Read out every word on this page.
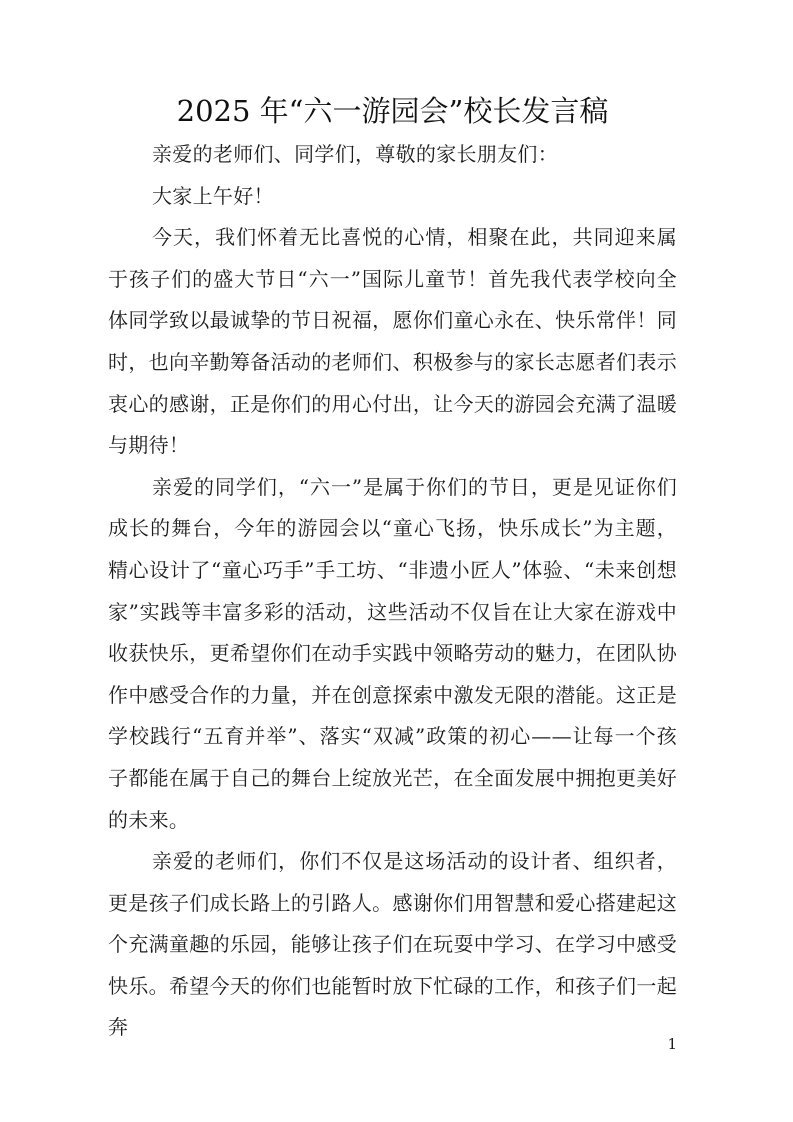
2025 年“六一游园会”校长发言稿

亲爱的老师们、同学们，尊敬的家长朋友们：

大家上午好！

今天，我们怀着无比喜悦的心情，相聚在此，共同迎来属于孩子们的盛大节日“六一”国际儿童节！首先我代表学校向全体同学致以最诚挚的节日祝福，愿你们童心永在、快乐常伴！同时，也向辛勤筹备活动的老师们、积极参与的家长志愿者们表示衷心的感谢，正是你们的用心付出，让今天的游园会充满了温暖与期待！

亲爱的同学们，“六一”是属于你们的节日，更是见证你们成长的舞台，今年的游园会以“童心飞扬，快乐成长”为主题，精心设计了“童心巧手”手工坊、“非遗小匠人”体验、“未来创想家”实践等丰富多彩的活动，这些活动不仅旨在让大家在游戏中收获快乐，更希望你们在动手实践中领略劳动的魅力，在团队协作中感受合作的力量，并在创意探索中激发无限的潜能。这正是学校践行“五育并举”、落实“双减”政策的初心——让每一个孩子都能在属于自己的舞台上绽放光芒，在全面发展中拥抱更美好的未来。

亲爱的老师们，你们不仅是这场活动的设计者、组织者，更是孩子们成长路上的引路人。感谢你们用智慧和爱心搭建起这个充满童趣的乐园，能够让孩子们在玩耍中学习、在学习中感受快乐。希望今天的你们也能暂时放下忙碌的工作，和孩子们一起奔

1
